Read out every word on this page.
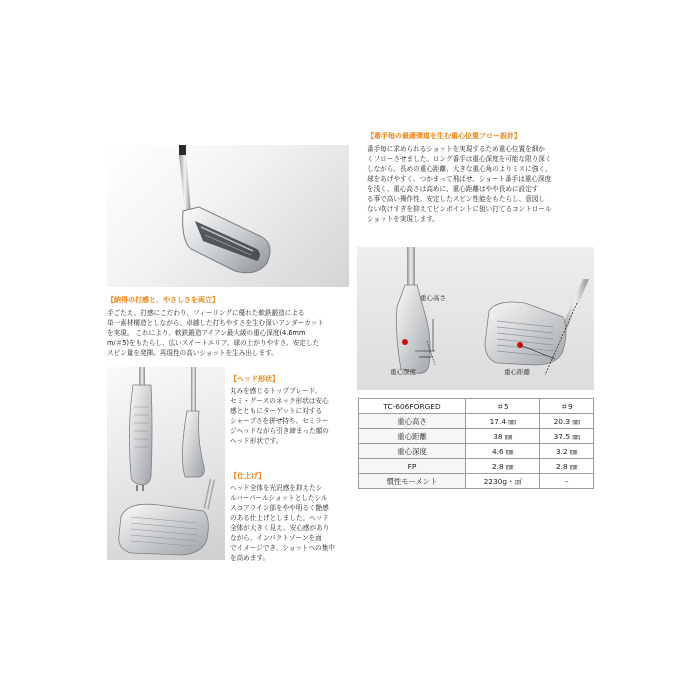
【納得の打感と、やさしさを両立】

手ごたえ、打感にこだわり、フィーリングに優れた軟鉄鍛造による

単一素材構造としながら、卓越した打ちやすさを生む深いアンダーカット

を実現。 これにより、軟鉄鍛造アイアン最大級の重心深度(4.6mm

m/＃5)をもたらし、広いスイートエリア、球の上がりやすさ、安定した

スピン量を発揮。再現性の高いショットを生み出します。

【番手毎の最適弾道を生む重心位置フロー設計】

番手毎に求められるショットを実現するため重心位置を細か

くフローさせました。ロング番手は重心深度を可能な限り深く

しながら、長めの重心距離、大きな重心角のよりミスに強く、

球をあげやすく、つかまって飛ばせ、ショート番手は重心深度

を浅く、重心高さは高めに、重心距離はやや長めに設定す

る事で高い操作性、安定したスピン性能をもたらし、意図し

ない吹けすぎを抑えてピンポイントに狙い打てるコントロール

ショットを実現します。

重心高さ
重心深度	重心距離
TC-606FORGED	＃5	＃9
重心高さ	17.4 ㎜	20.3 ㎜
重心距離	38 ㎜	37.5 ㎜
重心深度	4.6 ㎜	3.2 ㎜
FP	2.8 ㎜	2.8 ㎜
慣性モーメント	2230g・㎠	–
【ヘッド形状】

丸みを感じるトップブレード、

セミ・グースのネック形状は安心

感とともにターゲットに対する

シャープさを併せ持ち、セミラー

ジヘッドながら引き締まった顔の

ヘッド形状です。

【仕上げ】

ヘッド全体を光沢感を抑えたシ

ルバーパールショットとしたシル

スコアライン部をやや明るく艶感

のある仕上げとしました。ヘッド

全体が大きく見え、安心感があり

ながら、インパクトゾーンを面

でイメージでき、ショットへの集中

を高めます。
